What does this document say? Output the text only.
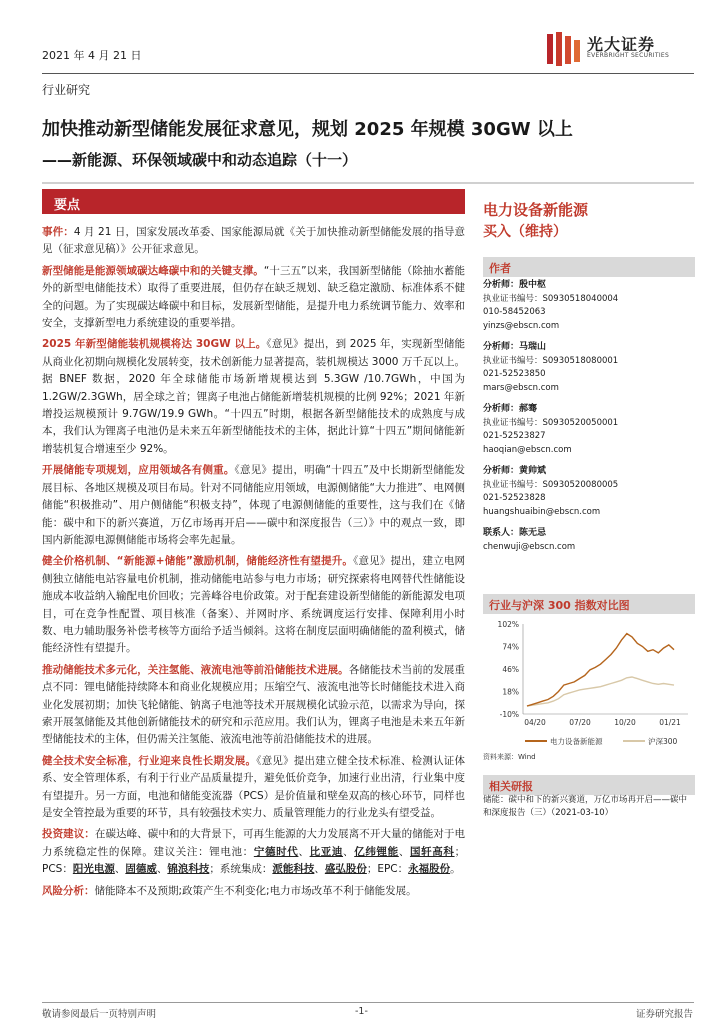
2021 年 4 月 21 日
光大证券
EVERBRIGHT SECURITIES
行业研究
加快推动新型储能发展征求意见，规划 2025 年规模 30GW 以上
——新能源、环保领域碳中和动态追踪（十一）
要点

事件：4 月 21 日，国家发展改革委、国家能源局就《关于加快推动新型储能发展的指导意见（征求意见稿）》公开征求意见。

新型储能是能源领域碳达峰碳中和的关键支撑。“十三五”以来，我国新型储能（除抽水蓄能外的新型电储能技术）取得了重要进展，但仍存在缺乏规划、缺乏稳定激励、标准体系不健全的问题。为了实现碳达峰碳中和目标，发展新型储能，是提升电力系统调节能力、效率和安全，支撑新型电力系统建设的重要举措。

2025 年新型储能装机规模将达 30GW 以上。《意见》提出，到 2025 年，实现新型储能从商业化初期向规模化发展转变，技术创新能力显著提高，装机规模达 3000 万千瓦以上。据 BNEF 数据，2020 年全球储能市场新增规模达到 5.3GW /10.7GWh，中国为 1.2GW/2.3GWh，居全球之首；锂离子电池占储能新增装机规模的比例 92%；2021 年新增投运规模预计 9.7GW/19.9 GWh。“十四五”时期，根据各新型储能技术的成熟度与成本，我们认为锂离子电池仍是未来五年新型储能技术的主体，据此计算“十四五”期间储能新增装机复合增速至少 92%。

开展储能专项规划，应用领域各有侧重。《意见》提出，明确“十四五”及中长期新型储能发展目标、各地区规模及项目布局。针对不同储能应用领域，电源侧储能“大力推进”、电网侧储能“积极推动”、用户侧储能“积极支持”，体现了电源侧储能的重要性，这与我们在《储能：碳中和下的新兴赛道，万亿市场再开启——碳中和深度报告（三）》中的观点一致，即国内新能源电源侧储能市场将会率先起量。

健全价格机制、“新能源+储能”激励机制，储能经济性有望提升。《意见》提出，建立电网侧独立储能电站容量电价机制，推动储能电站参与电力市场；研究探索将电网替代性储能设施成本收益纳入输配电价回收；完善峰谷电价政策。对于配套建设新型储能的新能源发电项目，可在竞争性配置、项目核准（备案）、并网时序、系统调度运行安排、保障利用小时数、电力辅助服务补偿考核等方面给予适当倾斜。这将在制度层面明确储能的盈利模式，储能经济性有望提升。

推动储能技术多元化，关注氢能、液流电池等前沿储能技术进展。各储能技术当前的发展重点不同：锂电储能持续降本和商业化规模应用；压缩空气、液流电池等长时储能技术进入商业化发展初期；加快飞轮储能、钠离子电池等技术开展规模化试验示范，以需求为导向，探索开展氢储能及其他创新储能技术的研究和示范应用。我们认为，锂离子电池是未来五年新型储能技术的主体，但仍需关注氢能、液流电池等前沿储能技术的进展。

健全技术安全标准，行业迎来良性长期发展。《意见》提出建立健全技术标准、检测认证体系、安全管理体系，有利于行业产品质量提升，避免低价竞争，加速行业出清，行业集中度有望提升。另一方面，电池和储能变流器（PCS）是价值量和壁垒双高的核心环节，同样也是安全管控最为重要的环节，具有较强技术实力、质量管理能力的行业龙头有望受益。

投资建议：在碳达峰、碳中和的大背景下，可再生能源的大力发展离不开大量的储能对于电力系统稳定性的保障。建议关注：锂电池：宁德时代、比亚迪、亿纬锂能、国轩高科；PCS：阳光电源、固德威、锦浪科技；系统集成：派能科技、盛弘股份；EPC：永福股份。

风险分析：储能降本不及预期;政策产生不利变化;电力市场改革不利于储能发展。

电力设备新能源
买入（维持）
作者
分析师：殷中枢
执业证书编号：S0930518040004
010-58452063
yinzs@ebscn.com
分析师：马瑞山
执业证书编号：S0930518080001
021-52523850
mars@ebscn.com
分析师：郝骞
执业证书编号：S0930520050001
021-52523827
haoqian@ebscn.com
分析师：黄帅斌
执业证书编号：S0930520080005
021-52523828
huangshuaibin@ebscn.com
联系人：陈无忌
chenwuji@ebscn.com
行业与沪深 300 指数对比图
102%
74%
46%
18%
-10%
04/20	07/20	10/20	01/21
电力设备新能源	沪深300
资料来源：Wind
相关研报
储能：碳中和下的新兴赛道，万亿市场再开启——碳中和深度报告（三）（2021-03-10）
敬请参阅最后一页特别声明	-1-	证券研究报告
